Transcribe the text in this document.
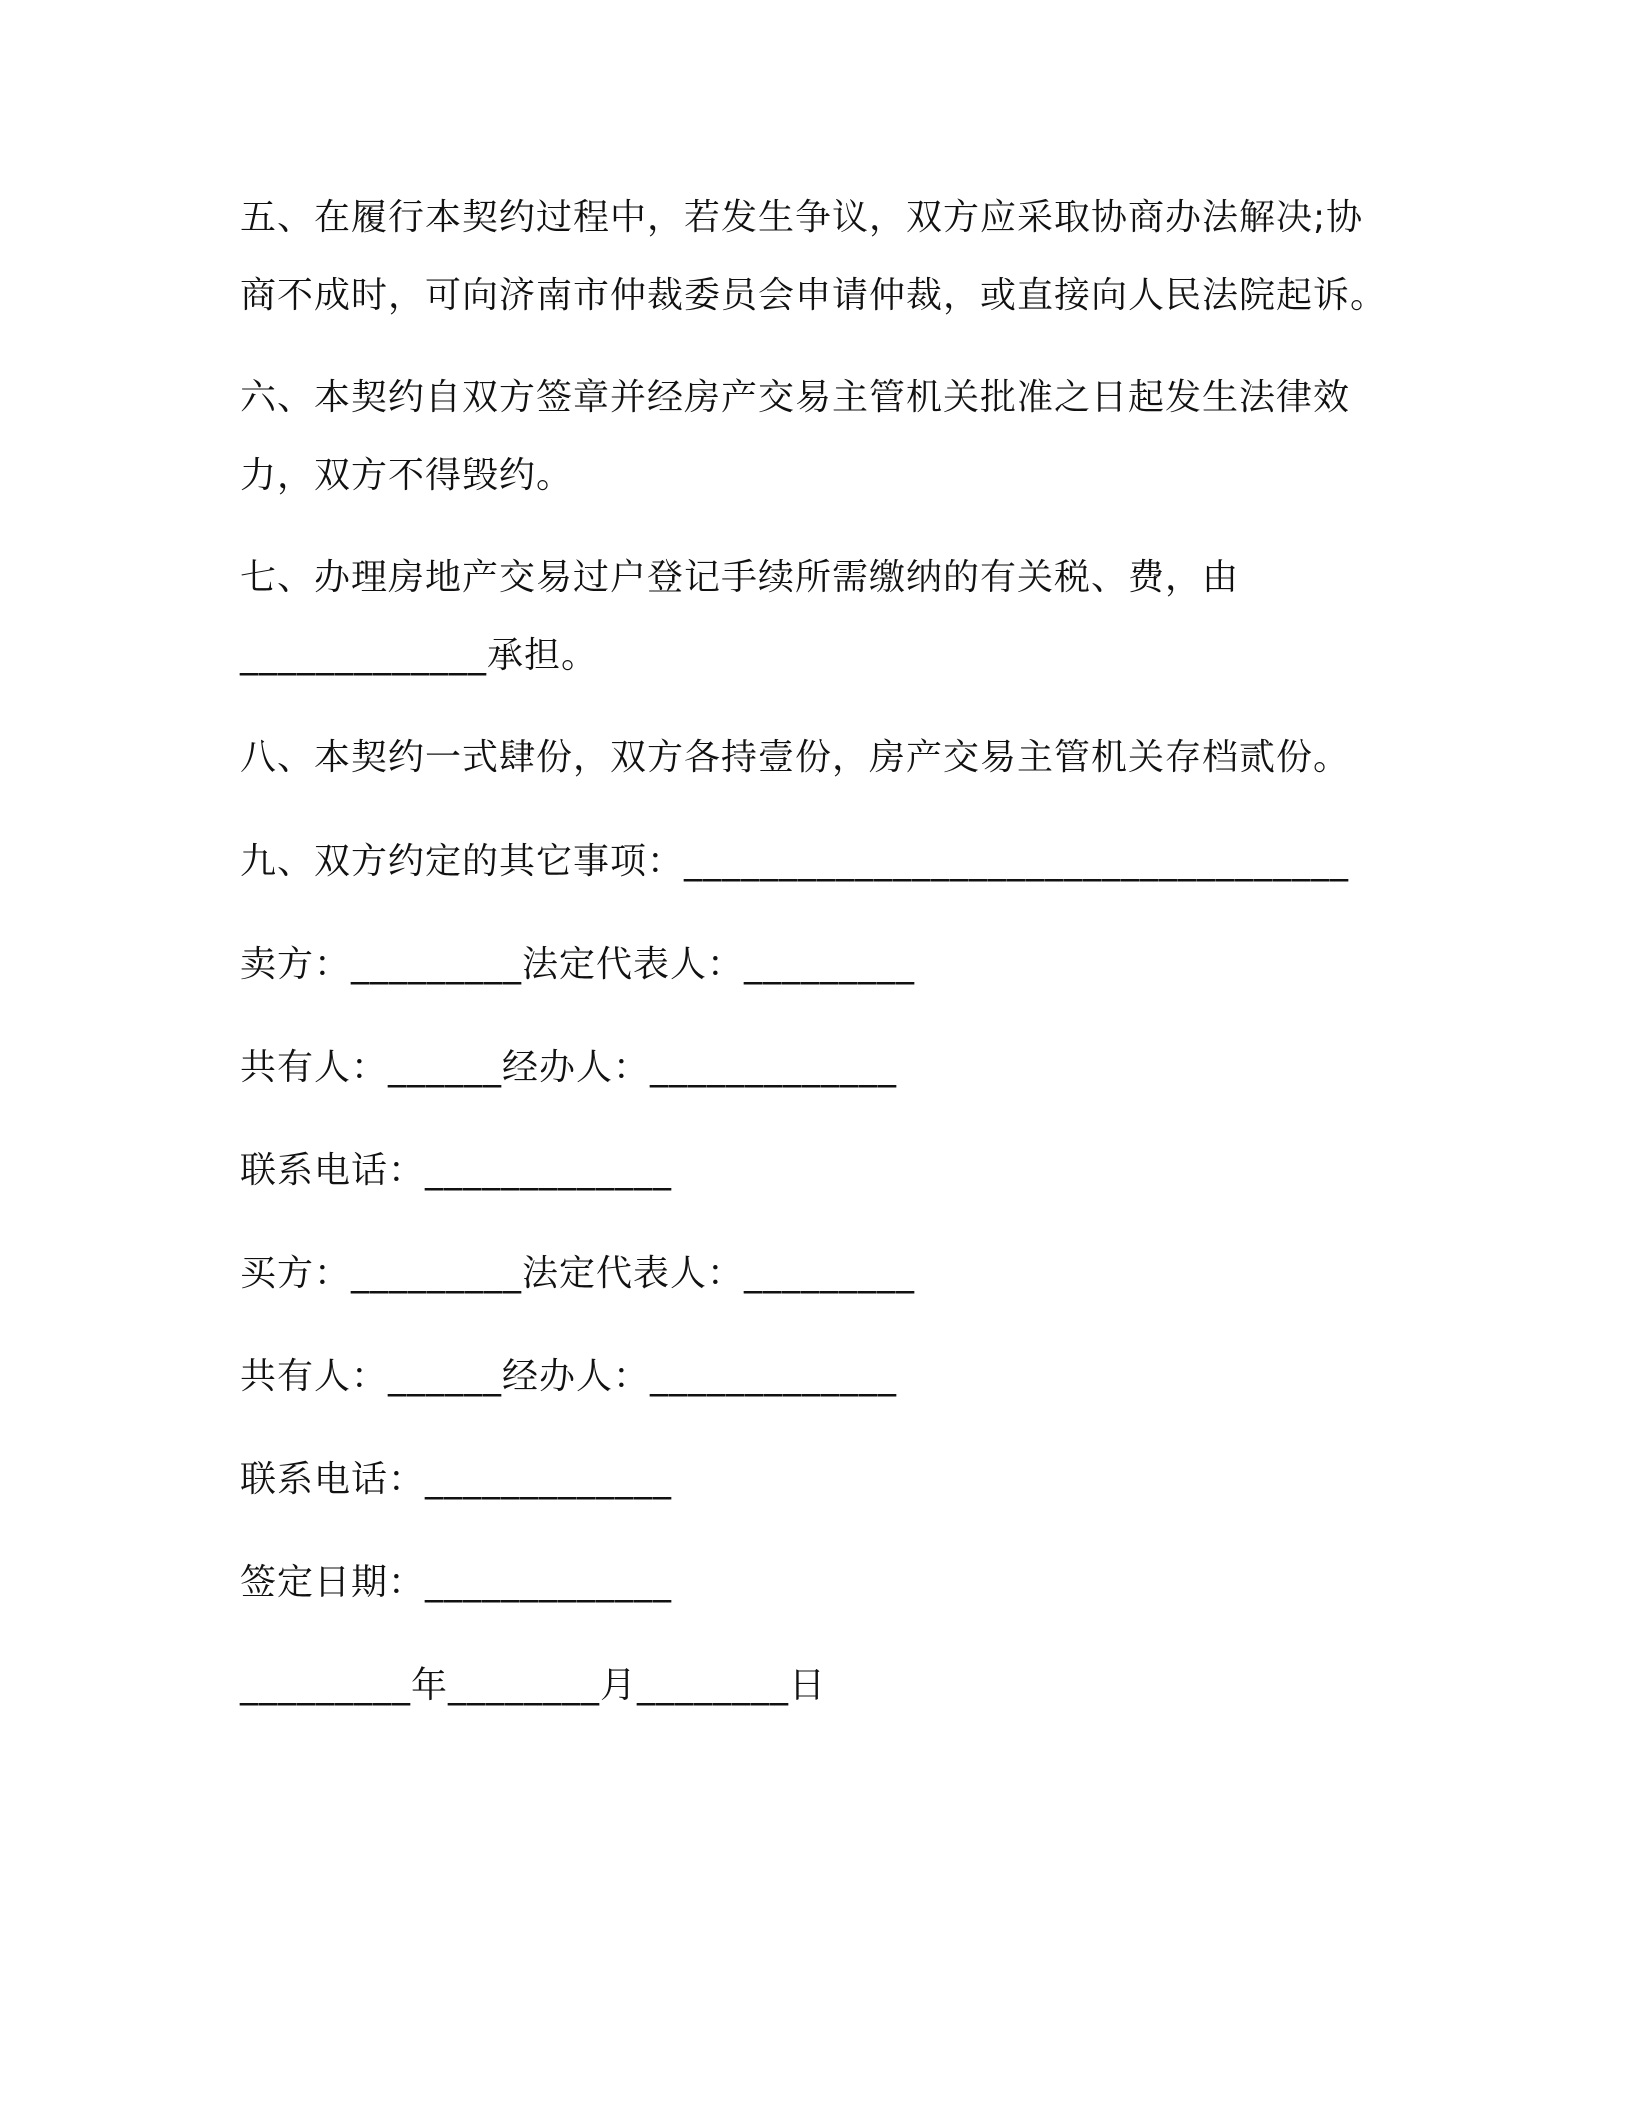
五、在履行本契约过程中，若发生争议，双方应采取协商办法解决;协
商不成时，可向济南市仲裁委员会申请仲裁，或直接向人民法院起诉。
六、本契约自双方签章并经房产交易主管机关批准之日起发生法律效
力，双方不得毁约。
七、办理房地产交易过户登记手续所需缴纳的有关税、费，由
_____________承担。
八、本契约一式肆份，双方各持壹份，房产交易主管机关存档贰份。
九、双方约定的其它事项：___________________________________
卖方：_________法定代表人：_________
共有人：______经办人：_____________
联系电话：_____________
买方：_________法定代表人：_________
共有人：______经办人：_____________
联系电话：_____________
签定日期：_____________
_________年________月________日
